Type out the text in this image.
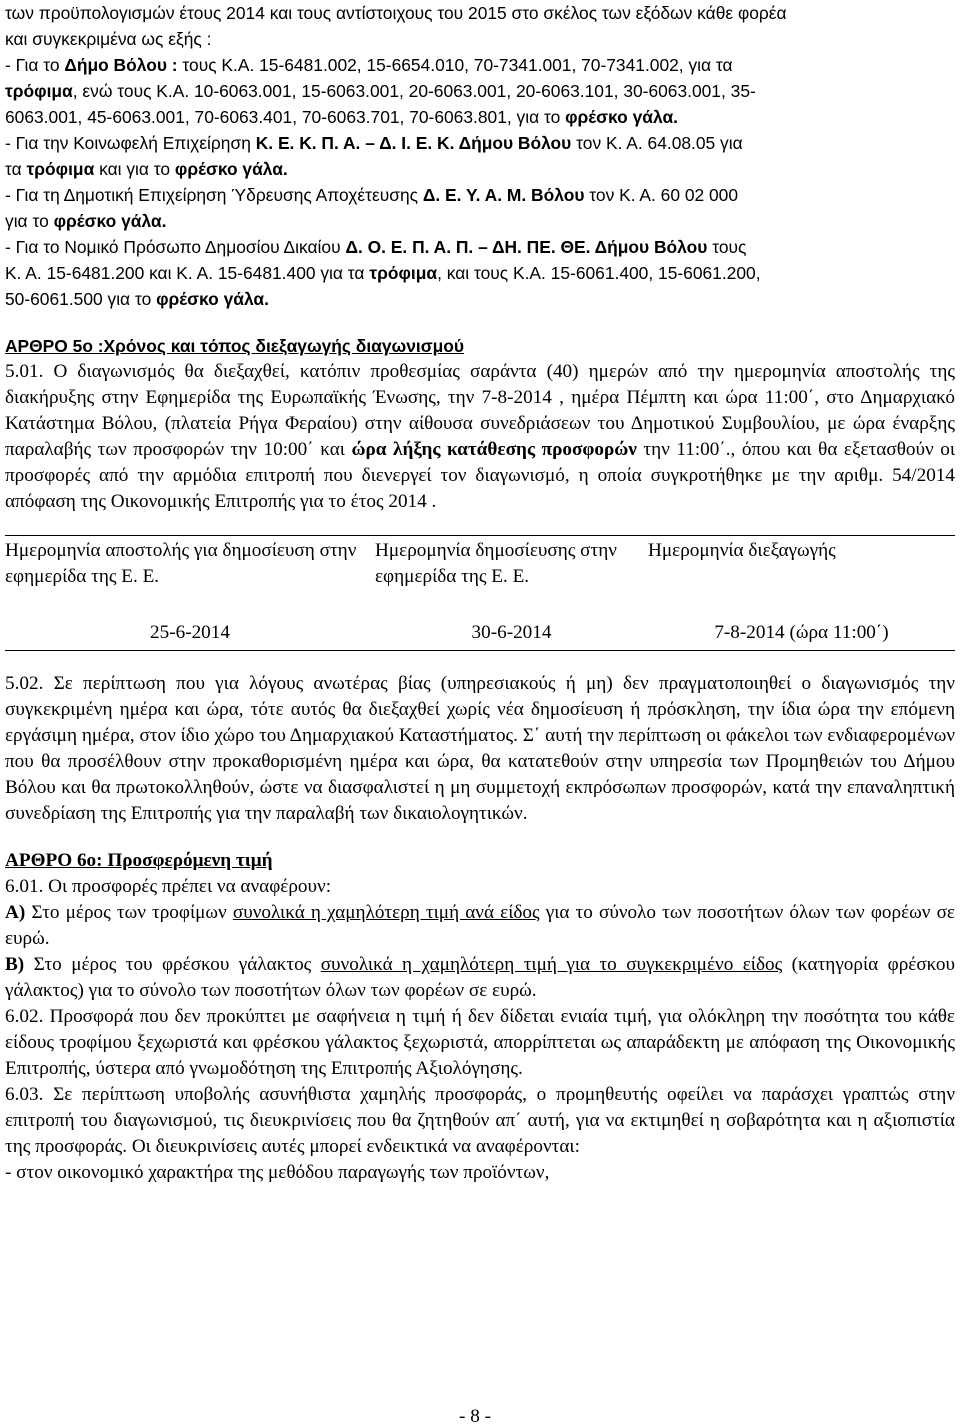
των προϋπολογισμών έτους 2014 και τους αντίστοιχους του 2015 στο σκέλος των εξόδων κάθε φορέα

και συγκεκριμένα ως εξής :

- Για το Δήμο Βόλου : τους Κ.Α. 15-6481.002, 15-6654.010, 70-7341.001, 70-7341.002, για τα

τρόφιμα, ενώ τους Κ.Α. 10-6063.001, 15-6063.001, 20-6063.001, 20-6063.101, 30-6063.001, 35-

6063.001, 45-6063.001, 70-6063.401, 70-6063.701, 70-6063.801, για το φρέσκο γάλα.

- Για την Κοινωφελή Επιχείρηση Κ. Ε. Κ. Π. Α. – Δ. Ι. Ε. Κ. Δήμου Βόλου τον Κ. Α. 64.08.05 για

τα τρόφιμα και για το φρέσκο γάλα.

- Για τη Δημοτική Επιχείρηση Ύδρευσης Αποχέτευσης Δ. Ε. Υ. Α. Μ. Βόλου τον Κ. Α. 60 02 000

για το φρέσκο γάλα.

- Για το Νομικό Πρόσωπο Δημοσίου Δικαίου Δ. Ο. Ε. Π. Α. Π. – ΔΗ. ΠΕ. ΘΕ. Δήμου Βόλου τους

Κ. Α. 15-6481.200 και Κ. Α. 15-6481.400 για τα τρόφιμα, και τους Κ.Α. 15-6061.400, 15-6061.200,

50-6061.500 για το φρέσκο γάλα.

ΑΡΘΡΟ 5ο :Χρόνος και τόπος διεξαγωγής διαγωνισμού

5.01. Ο διαγωνισμός θα διεξαχθεί, κατόπιν προθεσμίας σαράντα (40) ημερών από την ημερομηνία αποστολής της διακήρυξης στην Εφημερίδα της Ευρωπαϊκής Ένωσης, την 7-8-2014 , ημέρα Πέμπτη και ώρα 11:00΄, στο Δημαρχιακό Κατάστημα Βόλου, (πλατεία Ρήγα Φεραίου) στην αίθουσα συνεδριάσεων του Δημοτικού Συμβουλίου, με ώρα έναρξης παραλαβής των προσφορών την 10:00΄ και ώρα λήξης κατάθεσης προσφορών την 11:00΄., όπου και θα εξετασθούν οι προσφορές από την αρμόδια επιτροπή που διενεργεί τον διαγωνισμό, η οποία συγκροτήθηκε με την αριθμ. 54/2014 απόφαση της Οικονομικής Επιτροπής για το έτος 2014 .

Ημερομηνία αποστολής για δημοσίευση στην εφημερίδα της Ε. Ε.	Ημερομηνία δημοσίευσης στην εφημερίδα της Ε. Ε.	Ημερομηνία διεξαγωγής
25-6-2014	30-6-2014	7-8-2014 (ώρα 11:00΄)

5.02. Σε περίπτωση που για λόγους ανωτέρας βίας (υπηρεσιακούς ή μη) δεν πραγματοποιηθεί ο διαγωνισμός την συγκεκριμένη ημέρα και ώρα, τότε αυτός θα διεξαχθεί χωρίς νέα δημοσίευση ή πρόσκληση, την ίδια ώρα την επόμενη εργάσιμη ημέρα, στον ίδιο χώρο του Δημαρχιακού Καταστήματος. Σ΄ αυτή την περίπτωση οι φάκελοι των ενδιαφερομένων που θα προσέλθουν στην προκαθορισμένη ημέρα και ώρα, θα κατατεθούν στην υπηρεσία των Προμηθειών του Δήμου Βόλου και θα πρωτοκολληθούν, ώστε να διασφαλιστεί η μη συμμετοχή εκπρόσωπων προσφορών, κατά την επαναληπτική συνεδρίαση της Επιτροπής για την παραλαβή των δικαιολογητικών.

ΑΡΘΡΟ 6ο: Προσφερόμενη τιμή

6.01. Οι προσφορές πρέπει να αναφέρουν:

Α) Στο μέρος των τροφίμων συνολικά η χαμηλότερη τιμή ανά είδος για το σύνολο των ποσοτήτων όλων των φορέων σε ευρώ.

Β) Στο μέρος του φρέσκου γάλακτος συνολικά η χαμηλότερη τιμή για το συγκεκριμένο είδος (κατηγορία φρέσκου γάλακτος) για το σύνολο των ποσοτήτων όλων των φορέων σε ευρώ.

6.02. Προσφορά που δεν προκύπτει με σαφήνεια η τιμή ή δεν δίδεται ενιαία τιμή, για ολόκληρη την ποσότητα του κάθε είδους τροφίμου ξεχωριστά και φρέσκου γάλακτος ξεχωριστά, απορρίπτεται ως απαράδεκτη με απόφαση της Οικονομικής Επιτροπής, ύστερα από γνωμοδότηση της Επιτροπής Αξιολόγησης.

6.03. Σε περίπτωση υποβολής ασυνήθιστα χαμηλής προσφοράς, ο προμηθευτής οφείλει να παράσχει γραπτώς στην επιτροπή του διαγωνισμού, τις διευκρινίσεις που θα ζητηθούν απ΄ αυτή, για να εκτιμηθεί η σοβαρότητα και η αξιοπιστία της προσφοράς. Οι διευκρινίσεις αυτές μπορεί ενδεικτικά να αναφέρονται:

- στον οικονομικό χαρακτήρα της μεθόδου παραγωγής των προϊόντων,

- 8 -
